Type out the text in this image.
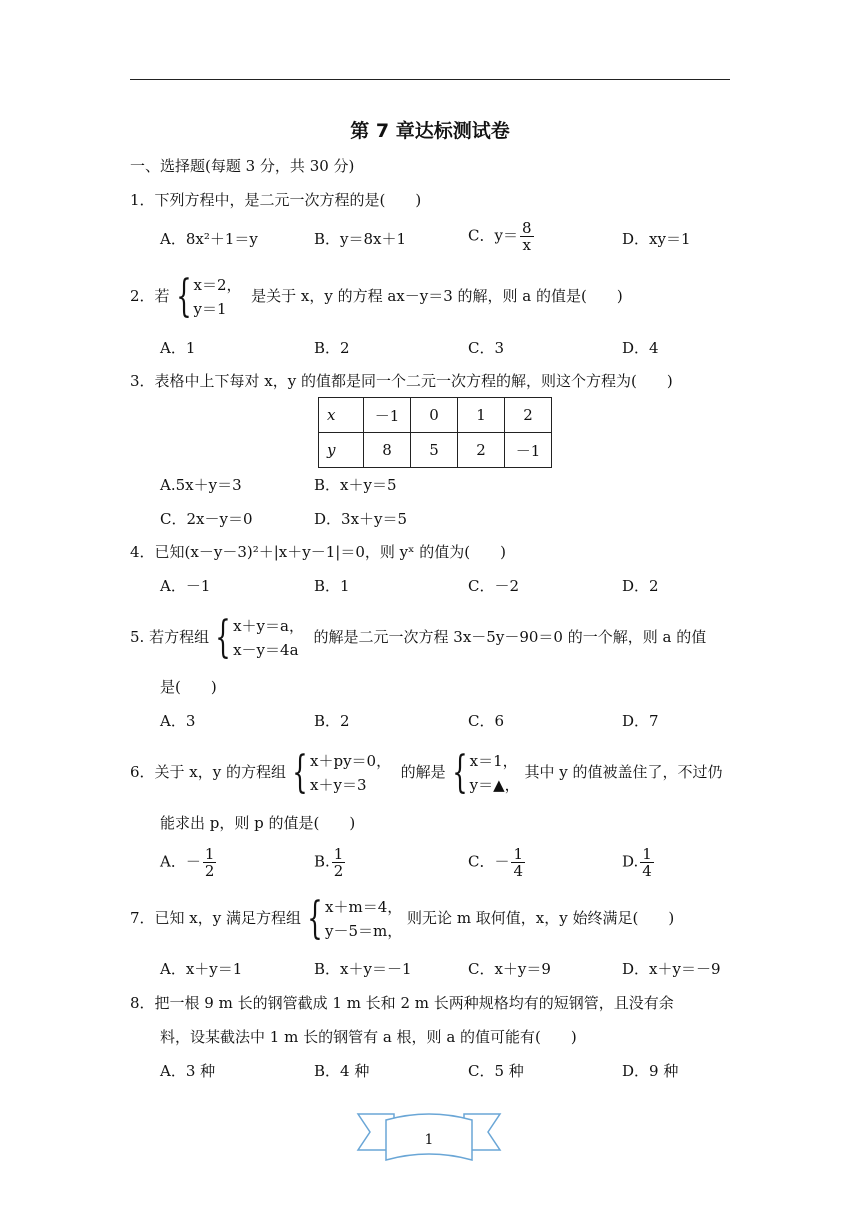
第 7 章达标测试卷
一、选择题(每题 3 分，共 30 分)
1．下列方程中，是二元一次方程的是(　　)
A．8x²＋1＝y	B．y＝8x＋1	C．$y= \frac{8}{x}$	D．xy＝1
2．若 { x＝2，
y＝1
是关于 x，y 的方程 ax－y＝3 的解，则 a 的值是(　　)
A．1	B．2	C．3	D．4
3．表格中上下每对 x，y 的值都是同一个二元一次方程的解，则这个方程为(　　)
x	－1	0	1	2
y	8	5	2	－1
A.5x＋y＝3	B．x＋y＝5
C．2x－y＝0	D．3x＋y＝5
4．已知(x－y－3)²＋|x＋y－1|＝0，则 yˣ 的值为(　　)
A．－1	B．1	C．－2	D．2
5. 若方程组 { x＋y＝a，
x－y＝4a
的解是二元一次方程 3x－5y－90＝0 的一个解，则 a 的值
是(　　)
A．3	B．2	C．6	D．7
6．关于 x，y 的方程组 { x＋py＝0，
x＋y＝3
的解是 { x＝1，
y＝▲，
其中 y 的值被盖住了，不过仍
能求出 p，则 p 的值是(　　)
A．－ $\frac{1}{2}$	B. $\frac{1}{2}$	C．－ $\frac{1}{4}$	D. $\frac{1}{4}$
7．已知 x，y 满足方程组 { x＋m＝4，
y－5＝m，
则无论 m 取何值，x，y 始终满足(　　)
A．x＋y＝1	B．x＋y＝－1	C．x＋y＝9	D．x＋y＝－9
8．把一根 9 m 长的钢管截成 1 m 长和 2 m 长两种规格均有的短钢管，且没有余
料，设某截法中 1 m 长的钢管有 a 根，则 a 的值可能有(　　)
A．3 种	B．4 种	C．5 种	D．9 种
1
